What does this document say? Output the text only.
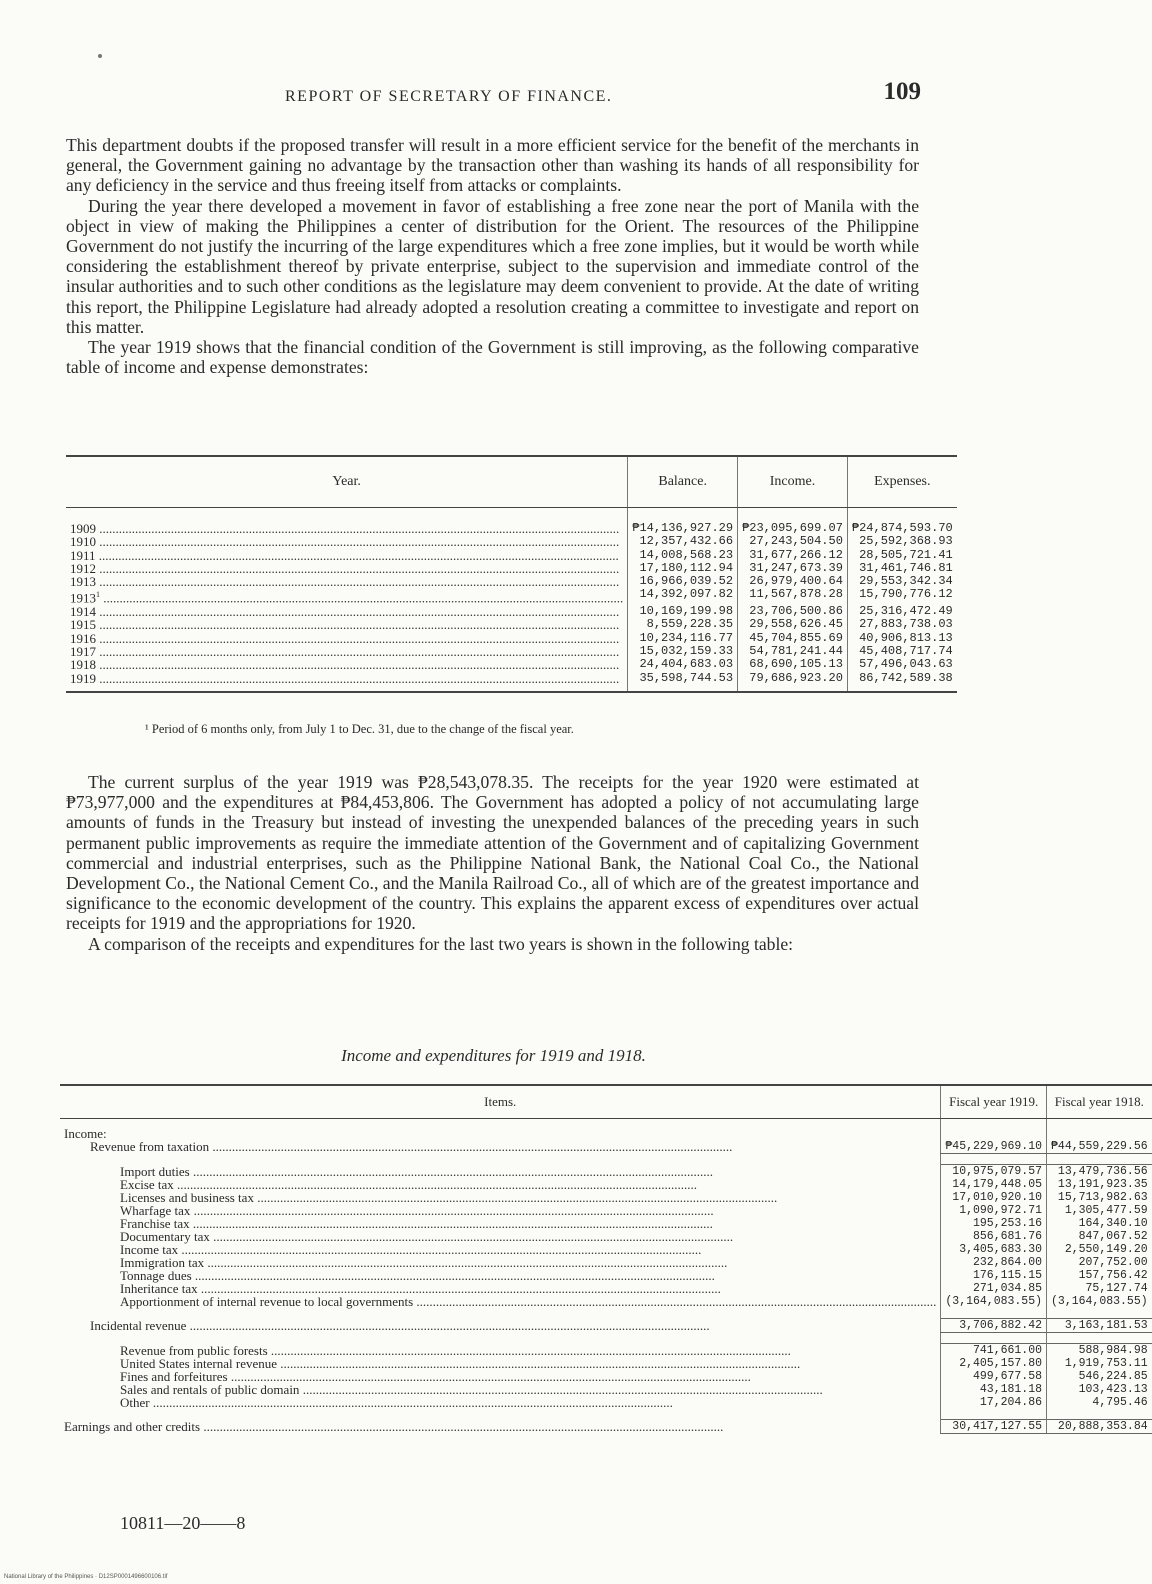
REPORT OF SECRETARY OF FINANCE.	109

This department doubts if the proposed transfer will result in a more efficient service for the benefit of the merchants in general, the Government gaining no advantage by the transaction other than washing its hands of all responsibility for any deficiency in the service and thus freeing itself from attacks or complaints.

During the year there developed a movement in favor of establishing a free zone near the port of Manila with the object in view of making the Philippines a center of distribution for the Orient. The resources of the Philippine Government do not justify the incurring of the large expenditures which a free zone implies, but it would be worth while considering the establishment thereof by private enterprise, subject to the supervision and immediate control of the insular authorities and to such other conditions as the legislature may deem convenient to provide. At the date of writing this report, the Philippine Legislature had already adopted a resolution creating a committee to investigate and report on this matter.

The year 1919 shows that the financial condition of the Government is still improving, as the following comparative table of income and expense demonstrates:

Year.	Balance.	Income.	Expenses.
1909 ................................................................................................................................................................	₱14,136,927.29	₱23,095,699.07	₱24,874,593.70
1910 ................................................................................................................................................................	12,357,432.66	27,243,504.50	25,592,368.93
1911 ................................................................................................................................................................	14,008,568.23	31,677,266.12	28,505,721.41
1912 ................................................................................................................................................................	17,180,112.94	31,247,673.39	31,461,746.81
1913 ................................................................................................................................................................	16,966,039.52	26,979,400.64	29,553,342.34
1913$^1$ ................................................................................................................................................................	14,392,097.82	11,567,878.28	15,790,776.12
1914 ................................................................................................................................................................	10,169,199.98	23,706,500.86	25,316,472.49
1915 ................................................................................................................................................................	8,559,228.35	29,558,626.45	27,883,738.03
1916 ................................................................................................................................................................	10,234,116.77	45,704,855.69	40,906,813.13
1917 ................................................................................................................................................................	15,032,159.33	54,781,241.44	45,408,717.74
1918 ................................................................................................................................................................	24,404,683.03	68,690,105.13	57,496,043.63
1919 ................................................................................................................................................................	35,598,744.53	79,686,923.20	86,742,589.38
¹ Period of 6 months only, from July 1 to Dec. 31, due to the change of the fiscal year.

The current surplus of the year 1919 was ₱28,543,078.35. The receipts for the year 1920 were estimated at ₱73,977,000 and the expenditures at ₱84,453,806. The Government has adopted a policy of not accumulating large amounts of funds in the Treasury but instead of investing the unexpended balances of the preceding years in such permanent public improvements as require the immediate attention of the Government and of capitalizing Government commercial and industrial enterprises, such as the Philippine National Bank, the National Coal Co., the National Development Co., the National Cement Co., and the Manila Railroad Co., all of which are of the greatest importance and significance to the economic development of the country. This explains the apparent excess of expenditures over actual receipts for 1919 and the appropriations for 1920.

A comparison of the receipts and expenditures for the last two years is shown in the following table:

Income and expenditures for 1919 and 1918.
Items.	Fiscal year 1919.	Fiscal year 1918.
Income:		

Revenue from taxation ................................................................................................................................................................	₱45,229,969.10	₱44,559,229.56

Import duties ................................................................................................................................................................	10,975,079.57	13,479,736.56

Excise tax ................................................................................................................................................................	14,179,448.05	13,191,923.35

Licenses and business tax ................................................................................................................................................................	17,010,920.10	15,713,982.63

Wharfage tax ................................................................................................................................................................	1,090,972.71	1,305,477.59

Franchise tax ................................................................................................................................................................	195,253.16	164,340.10

Documentary tax ................................................................................................................................................................	856,681.76	847,067.52

Income tax ................................................................................................................................................................	3,405,683.30	2,550,149.20

Immigration tax ................................................................................................................................................................	232,864.00	207,752.00

Tonnage dues ................................................................................................................................................................	176,115.15	157,756.42

Inheritance tax ................................................................................................................................................................	271,034.85	75,127.74

Apportionment of internal revenue to local governments ................................................................................................................................................................	(3,164,083.55)	(3,164,083.55)

Incidental revenue ................................................................................................................................................................	3,706,882.42	3,163,181.53

Revenue from public forests ................................................................................................................................................................	741,661.00	588,984.98

United States internal revenue ................................................................................................................................................................	2,405,157.80	1,919,753.11

Fines and forfeitures ................................................................................................................................................................	499,677.58	546,224.85

Sales and rentals of public domain ................................................................................................................................................................	43,181.18	103,423.13

Other ................................................................................................................................................................	17,204.86	4,795.46

Earnings and other credits ................................................................................................................................................................	30,417,127.55	20,888,353.84
10811—20——8
National Library of the Philippines · D12SP0001496600106.tif
